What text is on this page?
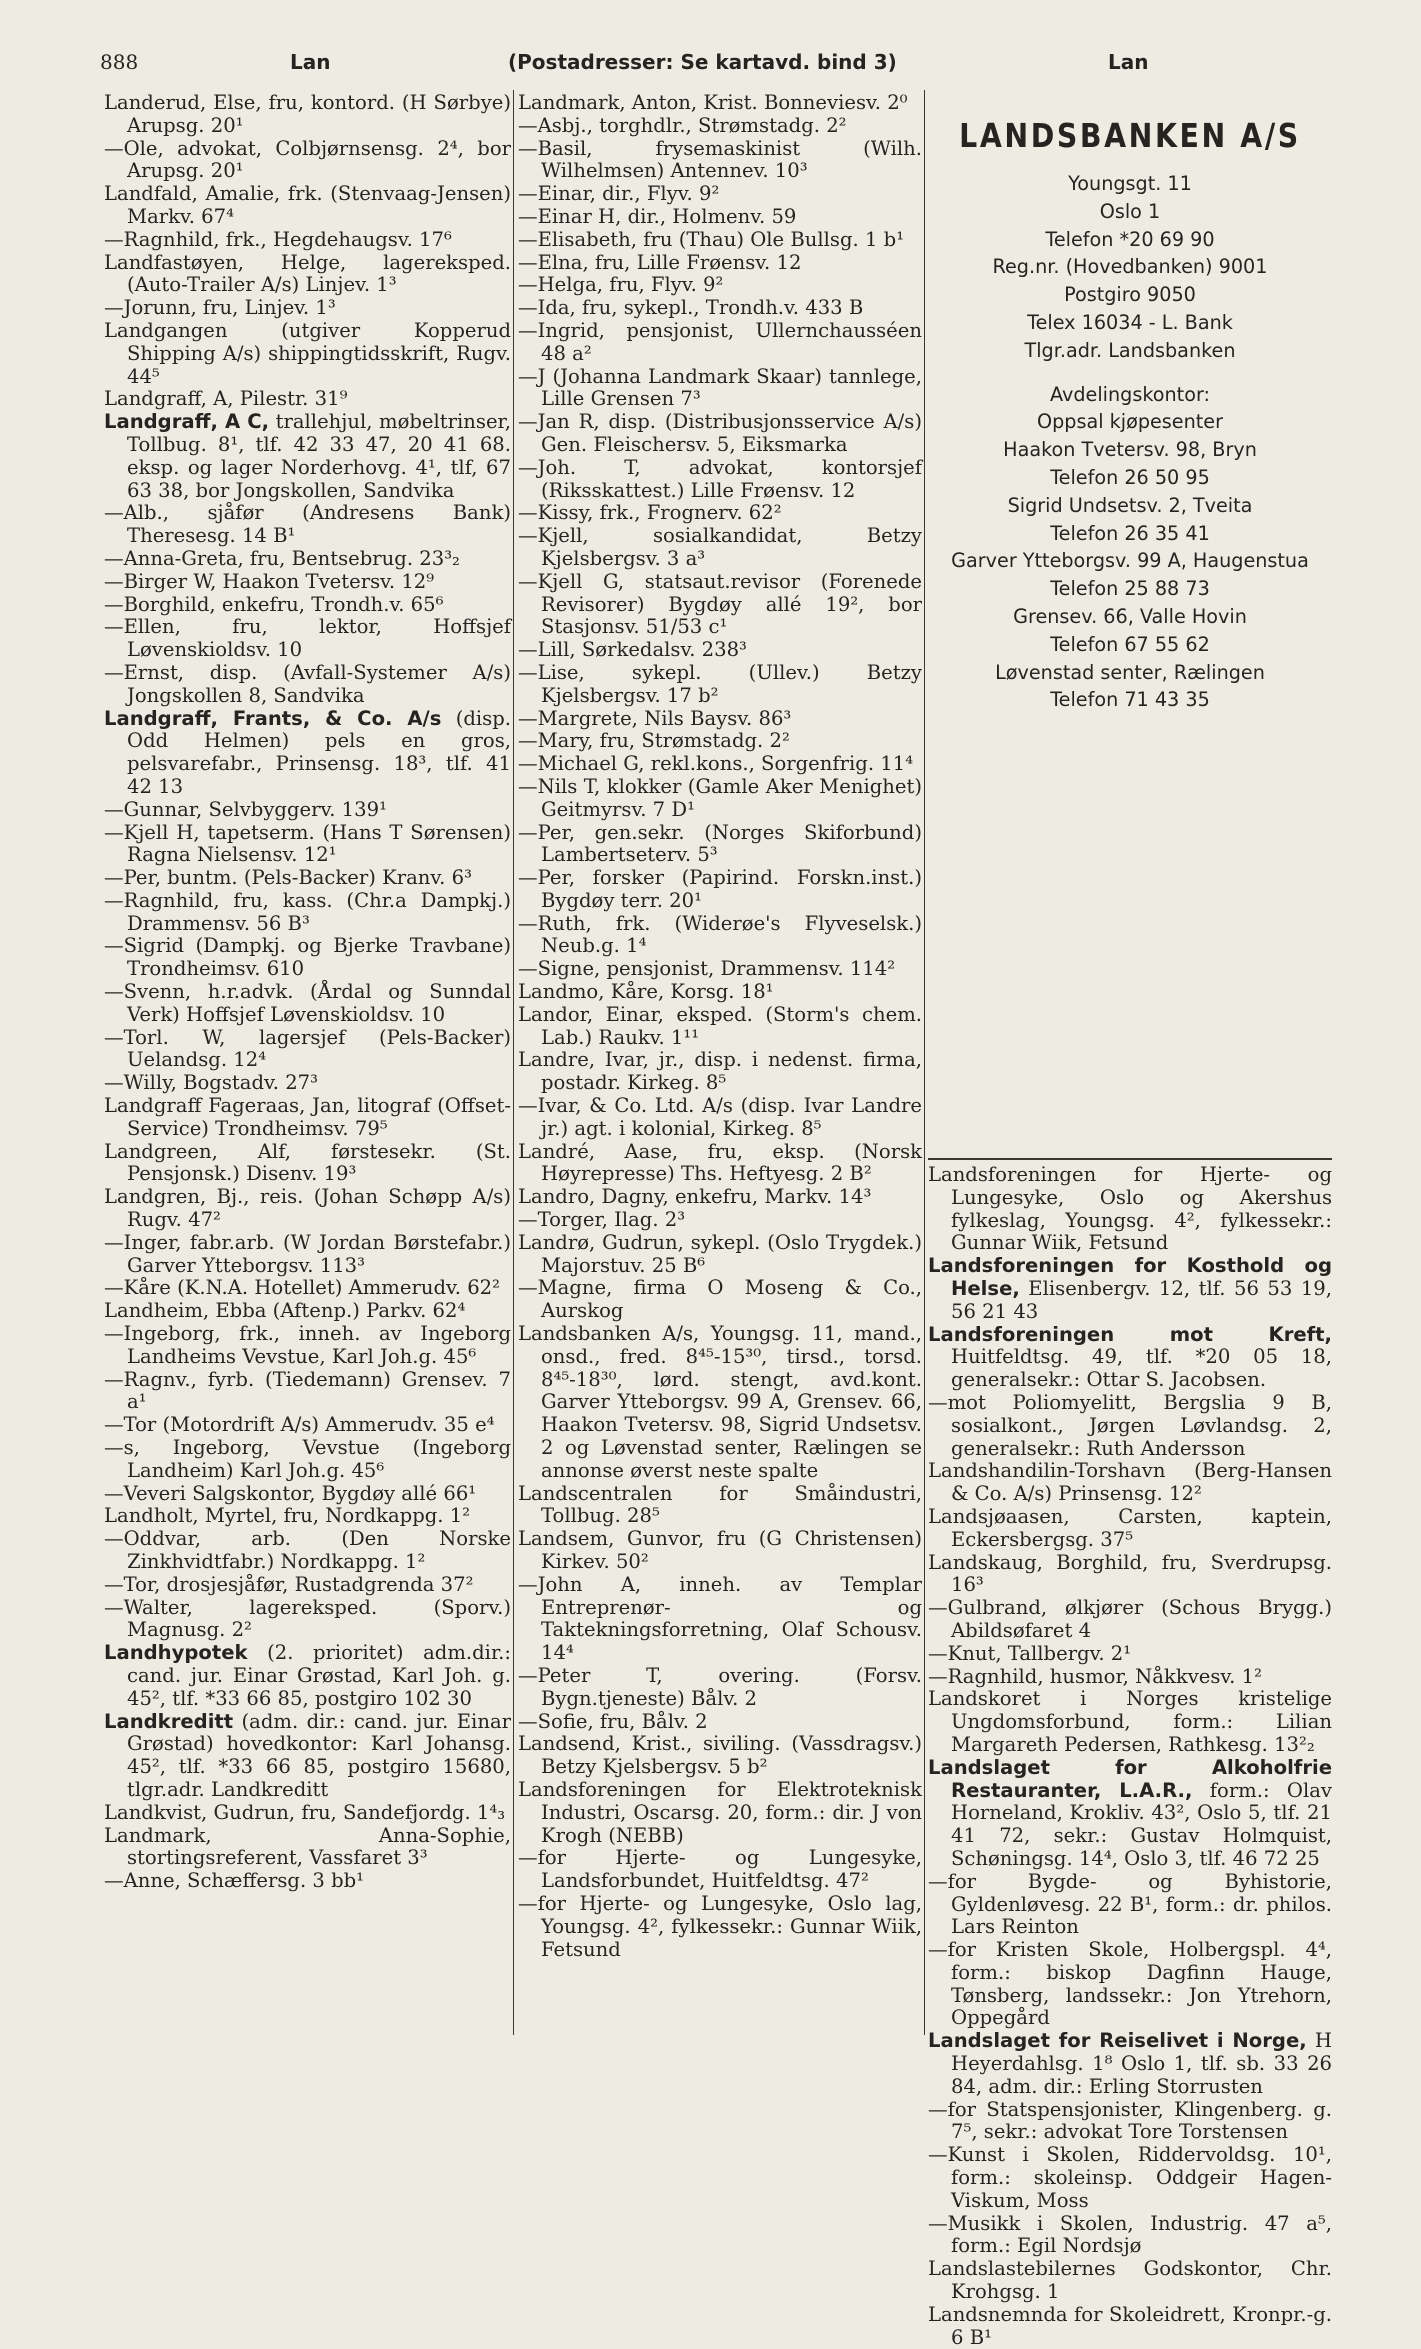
888	Lan	(Postadresser: Se kartavd. bind 3)	Lan

Landerud, Else, fru, kontord. (H Sørbye) Arupsg. 20¹

—Ole, advokat, Colbjørnsensg. 2⁴, bor Arupsg. 20¹

Landfald, Amalie, frk. (Stenvaag-Jensen) Markv. 67⁴

—Ragnhild, frk., Hegdehaugsv. 17⁶

Landfastøyen, Helge, lagereksped. (Auto-Trailer A/s) Linjev. 1³

—Jorunn, fru, Linjev. 1³

Landgangen (utgiver Kopperud Shipping A/s) shippingtidsskrift, Rugv. 44⁵

Landgraff, A, Pilestr. 31⁹

Landgraff, A C, trallehjul, møbeltrinser, Tollbug. 8¹, tlf. 42 33 47, 20 41 68. eksp. og lager Norderhovg. 4¹, tlf, 67 63 38, bor Jongskollen, Sandvika

—Alb., sjåfør (Andresens Bank) Theresesg. 14 B¹

—Anna-Greta, fru, Bentsebrug. 23³₂

—Birger W, Haakon Tvetersv. 12⁹

—Borghild, enkefru, Trondh.v. 65⁶

—Ellen, fru, lektor, Hoffsjef Løvenskioldsv. 10

—Ernst, disp. (Avfall-Systemer A/s) Jongskollen 8, Sandvika

Landgraff, Frants, & Co. A/s (disp. Odd Helmen) pels en gros, pelsvarefabr., Prinsensg. 18³, tlf. 41 42 13

—Gunnar, Selvbyggerv. 139¹

—Kjell H, tapetserm. (Hans T Sørensen) Ragna Nielsensv. 12¹

—Per, buntm. (Pels-Backer) Kranv. 6³

—Ragnhild, fru, kass. (Chr.a Dampkj.) Drammensv. 56 B³

—Sigrid (Dampkj. og Bjerke Travbane) Trondheimsv. 610

—Svenn, h.r.advk. (Årdal og Sunndal Verk) Hoffsjef Løvenskioldsv. 10

—Torl. W, lagersjef (Pels-Backer) Uelandsg. 12⁴

—Willy, Bogstadv. 27³

Landgraff Fageraas, Jan, litograf (Offset-Service) Trondheimsv. 79⁵

Landgreen, Alf, førstesekr. (St. Pensjonsk.) Disenv. 19³

Landgren, Bj., reis. (Johan Schøpp A/s) Rugv. 47²

—Inger, fabr.arb. (W Jordan Børstefabr.) Garver Ytteborgsv. 113³

—Kåre (K.N.A. Hotellet) Ammerudv. 62²

Landheim, Ebba (Aftenp.) Parkv. 62⁴

—Ingeborg, frk., inneh. av Ingeborg Landheims Vevstue, Karl Joh.g. 45⁶

—Ragnv., fyrb. (Tiedemann) Grensev. 7 a¹

—Tor (Motordrift A/s) Ammerudv. 35 e⁴

—s, Ingeborg, Vevstue (Ingeborg Landheim) Karl Joh.g. 45⁶

—Veveri Salgskontor, Bygdøy allé 66¹

Landholt, Myrtel, fru, Nordkappg. 1²

—Oddvar, arb. (Den Norske Zinkhvidtfabr.) Nordkappg. 1²

—Tor, drosjesjåfør, Rustadgrenda 37²

—Walter, lagereksped. (Sporv.) Magnusg. 2²

Landhypotek (2. prioritet) adm.dir.: cand. jur. Einar Grøstad, Karl Joh. g. 45², tlf. *33 66 85, postgiro 102 30

Landkreditt (adm. dir.: cand. jur. Einar Grøstad) hovedkontor: Karl Johansg. 45², tlf. *33 66 85, postgiro 15680, tlgr.adr. Landkreditt

Landkvist, Gudrun, fru, Sandefjordg. 1⁴₃

Landmark, Anna-Sophie, stortingsreferent, Vassfaret 3³

—Anne, Schæffersg. 3 bb¹

Landmark, Anton, Krist. Bonneviesv. 2⁰

—Asbj., torghdlr., Strømstadg. 2²

—Basil, frysemaskinist (Wilh. Wilhelmsen) Antennev. 10³

—Einar, dir., Flyv. 9²

—Einar H, dir., Holmenv. 59

—Elisabeth, fru (Thau) Ole Bullsg. 1 b¹

—Elna, fru, Lille Frøensv. 12

—Helga, fru, Flyv. 9²

—Ida, fru, sykepl., Trondh.v. 433 B

—Ingrid, pensjonist, Ullernchausséen 48 a²

—J (Johanna Landmark Skaar) tannlege, Lille Grensen 7³

—Jan R, disp. (Distribusjonsservice A/s) Gen. Fleischersv. 5, Eiksmarka

—Joh. T, advokat, kontorsjef (Riksskattest.) Lille Frøensv. 12

—Kissy, frk., Frognerv. 62²

—Kjell, sosialkandidat, Betzy Kjelsbergsv. 3 a³

—Kjell G, statsaut.revisor (Forenede Revisorer) Bygdøy allé 19², bor Stasjonsv. 51/53 c¹

—Lill, Sørkedalsv. 238³

—Lise, sykepl. (Ullev.) Betzy Kjelsbergsv. 17 b²

—Margrete, Nils Baysv. 86³

—Mary, fru, Strømstadg. 2²

—Michael G, rekl.kons., Sorgenfrig. 11⁴

—Nils T, klokker (Gamle Aker Menighet) Geitmyrsv. 7 D¹

—Per, gen.sekr. (Norges Skiforbund) Lambertseterv. 5³

—Per, forsker (Papirind. Forskn.inst.) Bygdøy terr. 20¹

—Ruth, frk. (Widerøe's Flyveselsk.) Neub.g. 1⁴

—Signe, pensjonist, Drammensv. 114²

Landmo, Kåre, Korsg. 18¹

Landor, Einar, eksped. (Storm's chem. Lab.) Raukv. 1¹¹

Landre, Ivar, jr., disp. i nedenst. firma, postadr. Kirkeg. 8⁵

—Ivar, & Co. Ltd. A/s (disp. Ivar Landre jr.) agt. i kolonial, Kirkeg. 8⁵

Landré, Aase, fru, eksp. (Norsk Høyrepresse) Ths. Heftyesg. 2 B²

Landro, Dagny, enkefru, Markv. 14³

—Torger, Ilag. 2³

Landrø, Gudrun, sykepl. (Oslo Trygdek.) Majorstuv. 25 B⁶

—Magne, firma O Moseng & Co., Aurskog

Landsbanken A/s, Youngsg. 11, mand., onsd., fred. 8⁴⁵-15³⁰, tirsd., torsd. 8⁴⁵-18³⁰, lørd. stengt, avd.kont. Garver Ytteborgsv. 99 A, Grensev. 66, Haakon Tvetersv. 98, Sigrid Undsetsv. 2 og Løvenstad senter, Rælingen se annonse øverst neste spalte

Landscentralen for Småindustri, Tollbug. 28⁵

Landsem, Gunvor, fru (G Christensen) Kirkev. 50²

—John A, inneh. av Templar Entreprenør- og Taktekningsforretning, Olaf Schousv. 14⁴

—Peter T, overing. (Forsv. Bygn.tjeneste) Bålv. 2

—Sofie, fru, Bålv. 2

Landsend, Krist., siviling. (Vassdragsv.) Betzy Kjelsbergsv. 5 b²

Landsforeningen for Elektroteknisk Industri, Oscarsg. 20, form.: dir. J von Krogh (NEBB)

—for Hjerte- og Lungesyke, Landsforbundet, Huitfeldtsg. 47²

—for Hjerte- og Lungesyke, Oslo lag, Youngsg. 4², fylkessekr.: Gunnar Wiik, Fetsund

LANDSBANKEN A/S

Youngsgt. 11

Oslo 1

Telefon *20 69 90

Reg.nr. (Hovedbanken) 9001

Postgiro 9050

Telex 16034 - L. Bank

Tlgr.adr. Landsbanken

Avdelingskontor:

Oppsal kjøpesenter

Haakon Tvetersv. 98, Bryn

Telefon 26 50 95

Sigrid Undsetsv. 2, Tveita

Telefon 26 35 41

Garver Ytteborgsv. 99 A, Haugenstua

Telefon 25 88 73

Grensev. 66, Valle Hovin

Telefon 67 55 62

Løvenstad senter, Rælingen

Telefon 71 43 35

Landsforeningen for Hjerte- og Lungesyke, Oslo og Akershus fylkeslag, Youngsg. 4², fylkessekr.: Gunnar Wiik, Fetsund

Landsforeningen for Kosthold og Helse, Elisenbergv. 12, tlf. 56 53 19, 56 21 43

Landsforeningen mot Kreft, Huitfeldtsg. 49, tlf. *20 05 18, generalsekr.: Ottar S. Jacobsen.

—mot Poliomyelitt, Bergslia 9 B, sosialkont., Jørgen Løvlandsg. 2, generalsekr.: Ruth Andersson

Landshandilin-Torshavn (Berg-Hansen & Co. A/s) Prinsensg. 12²

Landsjøaasen, Carsten, kaptein, Eckersbergsg. 37⁵

Landskaug, Borghild, fru, Sverdrupsg. 16³

—Gulbrand, ølkjører (Schous Brygg.) Abildsøfaret 4

—Knut, Tallbergv. 2¹

—Ragnhild, husmor, Nåkkvesv. 1²

Landskoret i Norges kristelige Ungdomsforbund, form.: Lilian Margareth Pedersen, Rathkesg. 13²₂

Landslaget for Alkoholfrie Restauranter, L.A.R., form.: Olav Horneland, Krokliv. 43², Oslo 5, tlf. 21 41 72, sekr.: Gustav Holmquist, Schøningsg. 14⁴, Oslo 3, tlf. 46 72 25

—for Bygde- og Byhistorie, Gyldenløvesg. 22 B¹, form.: dr. philos. Lars Reinton

—for Kristen Skole, Holbergspl. 4⁴, form.: biskop Dagfinn Hauge, Tønsberg, landssekr.: Jon Ytrehorn, Oppegård

Landslaget for Reiselivet i Norge, H Heyerdahlsg. 1⁸ Oslo 1, tlf. sb. 33 26 84, adm. dir.: Erling Storrusten

—for Statspensjonister, Klingenberg. g. 7⁵, sekr.: advokat Tore Torstensen

—Kunst i Skolen, Riddervoldsg. 10¹, form.: skoleinsp. Oddgeir Hagen-Viskum, Moss

—Musikk i Skolen, Industrig. 47 a⁵, form.: Egil Nordsjø

Landslastebilernes Godskontor, Chr. Krohgsg. 1

Landsnemnda for Skoleidrett, Kronpr.-g. 6 B¹
